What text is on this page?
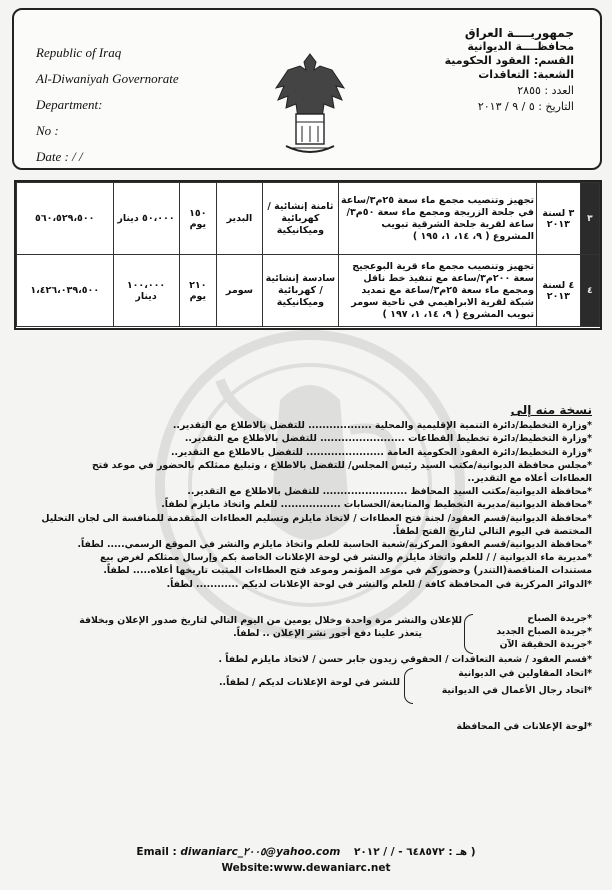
Republic of Iraq
Al-Diwaniyah Governorate
Department:
No :
Date : / /
جمهوريــــة العراق
محافظــــة الديوانية
القسم: العقود الحكومية
الشعبة: التعاقدات
العدد : ٢٨٥٥
التاريخ : ٥ / ٩ / ٢٠١٣
٣	٣ لسنة ٢٠١٣	تجهيز وتنصيب مجمع ماء سعة ٢٥م٣/ساعة في جلحة الزريجة ومجمع ماء سعة ٥٠م٣/ساعة لقرية جلحة الشرقية تبويب المشروع ( ٩، ١٤، ١، ١٩٥ )	ثامنة إنشائية / كهربائية وميكانيكية	البدير	١٥٠ يوم	٥٠،٠٠٠ دينار	٥٦٠،٥٢٩،٥٠٠
٤	٤ لسنة ٢٠١٣	تجهيز وتنصيب مجمع ماء قرية البوعجيج سعة ٢٠٠م٣/ساعة مع تنفيذ خط ناقل ومجمع ماء سعة ٢٥م٣/ساعة مع تمديد شبكة لقرية الابراهيمي في ناحية سومر تبويب المشروع ( ٩، ١٤، ١، ١٩٧ )	سادسة إنشائية / كهربائية وميكانيكية	سومر	٢١٠ يوم	١٠٠،٠٠٠ دينار	١،٤٢٦،٠٣٩،٥٠٠
نسخة منه إلى
*وزارة التخطيط/دائرة التنمية الإقليمية والمحلية .................. للتفضل بالاطلاع مع التقدير..
*وزارة التخطيط/دائرة تخطيط القطاعات ........................ للتفضل بالاطلاع مع التقدير..
*وزارة التخطيط/دائرة العقود الحكومية العامة ...................... للتفضل بالاطلاع مع التقدير..
*مجلس محافظة الديوانية/مكتب السيد رئيس المجلس/ للتفضل بالاطلاع ، وتبليغ ممثلكم بالحضور في موعد فتح
العطاءات أعلاه مع التقدير..
*محافظة الديوانية/مكتب السيد المحافظ ........................ للتفضل بالاطلاع مع التقدير..
*محافظة الديوانية/مديرية التخطيط والمتابعة/الحسابات ................. للعلم واتخاذ مايلزم لطفاً.
*محافظة الديوانية/قسم العقود/ لجنة فتح العطاءات / لاتخاذ مايلزم وتسليم العطاءات المتقدمة للمنافسة الى لجان التحليل
المختصة في اليوم التالي لتاريخ الفتح لطفاً.
*محافظة الديوانية/قسم العقود المركزية/شعبة الحاسبة للعلم واتخاذ مايلزم والنشر في الموقع الرسمي..... لطفاً.
*مديرية ماء الديوانية / / للعلم واتخاذ مايلزم والنشر في لوحة الإعلانات الخاصة بكم وإرسال ممثلكم لغرض بيع
مستندات المناقصة(التندر) وحضوركم في موعد المؤتمر وموعد فتح العطاءات المثبت تاريخها أعلاه..... لطفاً.
*الدوائر المركزية في المحافظة كافة / للعلم والنشر في لوحة الإعلانات لديكم ............ لطفاً.
*جريدة الصباح
*جريدة الصباح الجديد
*جريدة الحقيقة الآن
للإعلان والنشر مرة واحدة وخلال يومين من اليوم التالي لتاريخ صدور الإعلان وبخلافة
يتعذر علينا دفع أجور نشر الإعلان .. لطفاً.
*قسم العقود / شعبة التعاقدات / الحقوقي زيدون جابر حسن / لاتخاذ مايلزم لطفاً .
*اتحاد المقاولين في الديوانية
*اتحاد رجال الأعمال في الديوانية
للنشر في لوحة الإعلانات لديكم / لطفاً..
*لوحة الإعلانات في المحافظة
Email : diwaniarc_٢٠٠٥@yahoo.com هـ : ٦٤٨٥٧٢ - / / ٢٠١٢ )
Website:www.dewaniarc.net
